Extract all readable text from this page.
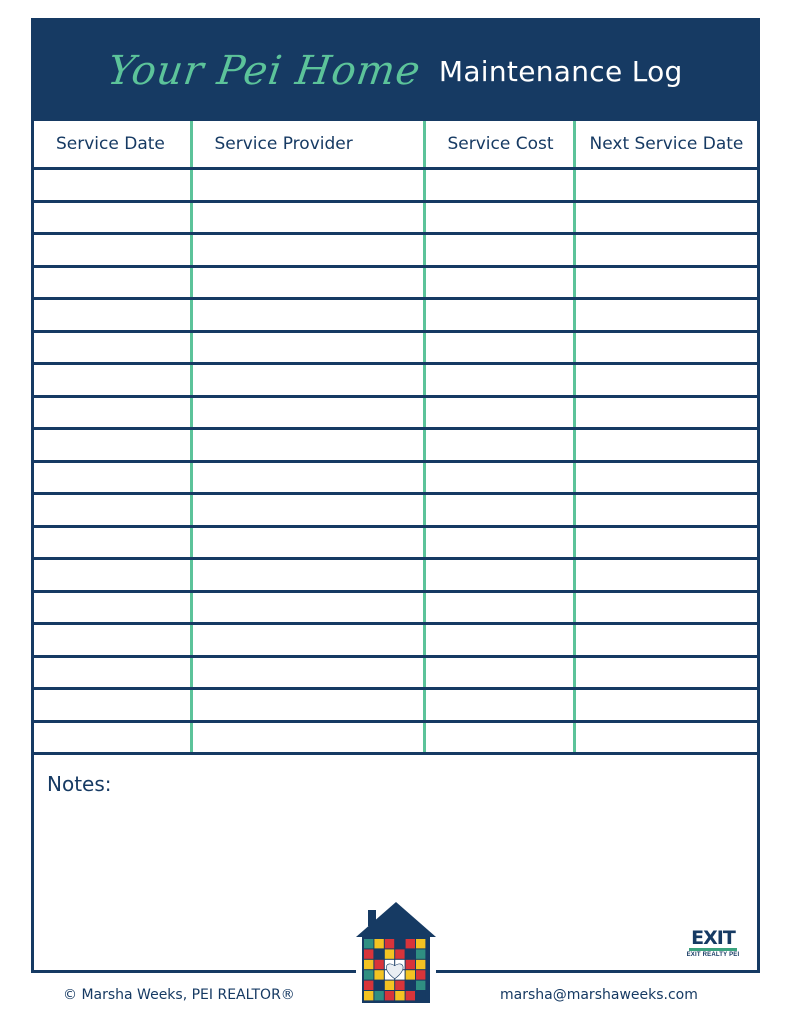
Your Pei Home Maintenance Log
Service Date	Service Provider	Service Cost	Next Service Date

Notes:
EXIT
EXIT REALTY PEI
© Marsha Weeks, PEI REALTOR®	marsha@marshaweeks.com
